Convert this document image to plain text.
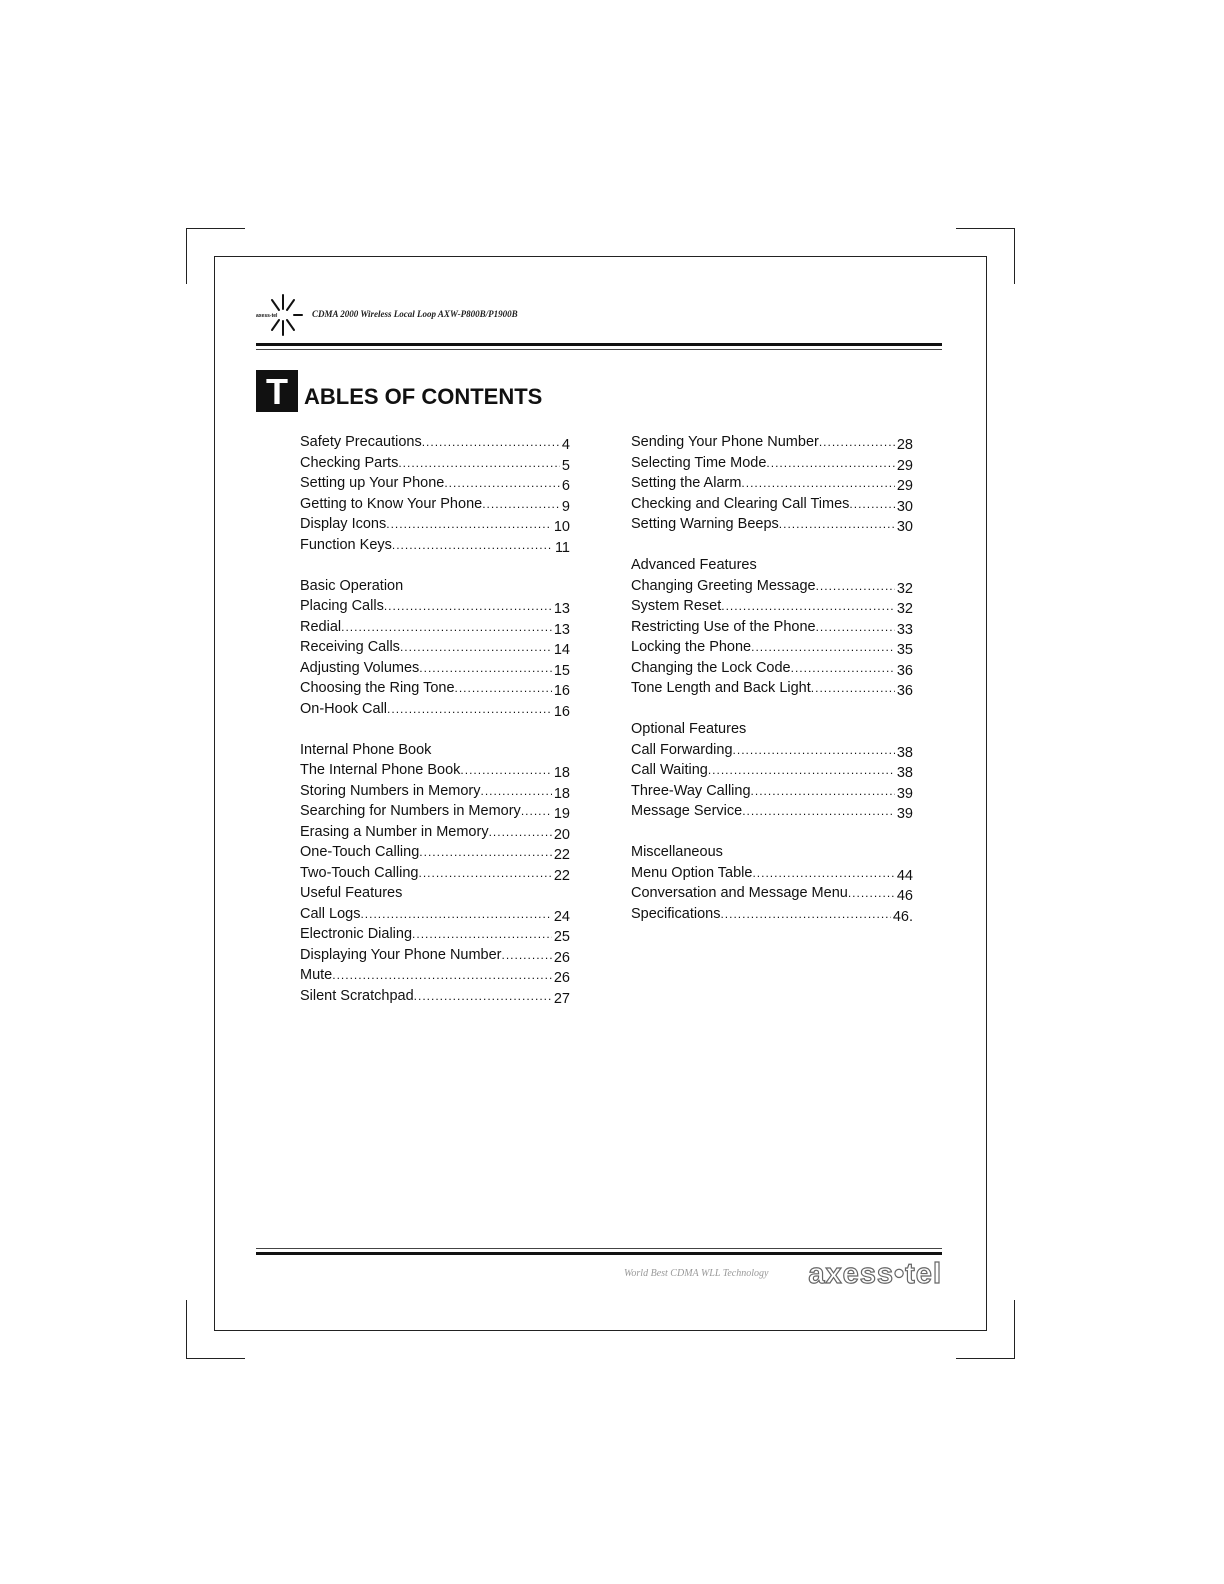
axess-tel	CDMA 2000 Wireless Local Loop AXW-P800B/P1900B
T ABLES OF CONTENTS
Safety Precautions .....	4
Checking Parts .....	5
Setting up Your Phone .....	6
Getting to Know Your Phone .....	9
Display Icons .....	10
Function Keys .....	11
Basic Operation
Placing Calls .....	13
Redial .....	13
Receiving Calls .....	14
Adjusting Volumes .....	15
Choosing the Ring Tone .....	16
On-Hook Call .....	16
Internal Phone Book
The Internal Phone Book .....	18
Storing Numbers in Memory .....	18
Searching for Numbers in Memory ..... 19
Erasing a Number in Memory .....	20
One-Touch Calling .....	22
Two-Touch Calling .....	22
Useful Features
Call Logs .....	24
Electronic Dialing .....	25
Displaying Your Phone Number .....	26
Mute .....	26
Silent Scratchpad .....	27
Sending Your Phone Number .....	28
Selecting Time Mode .....	29
Setting the Alarm .....	29
Checking and Clearing Call Times .....	30
Setting Warning Beeps .....	30
Advanced Features
Changing Greeting Message .....	32
System Reset .....	32
Restricting Use of the Phone .....	33
Locking the Phone .....	35
Changing the Lock Code .....	36
Tone Length and Back Light .....	36
Optional Features
Call Forwarding .....	38
Call Waiting .....	38
Three-Way Calling .....	39
Message Service .....	39
Miscellaneous
Menu Option Table .....	44
Conversation and Message Menu .....	46
Specifications .....	46.
World Best CDMA WLL Technology axess•tel
